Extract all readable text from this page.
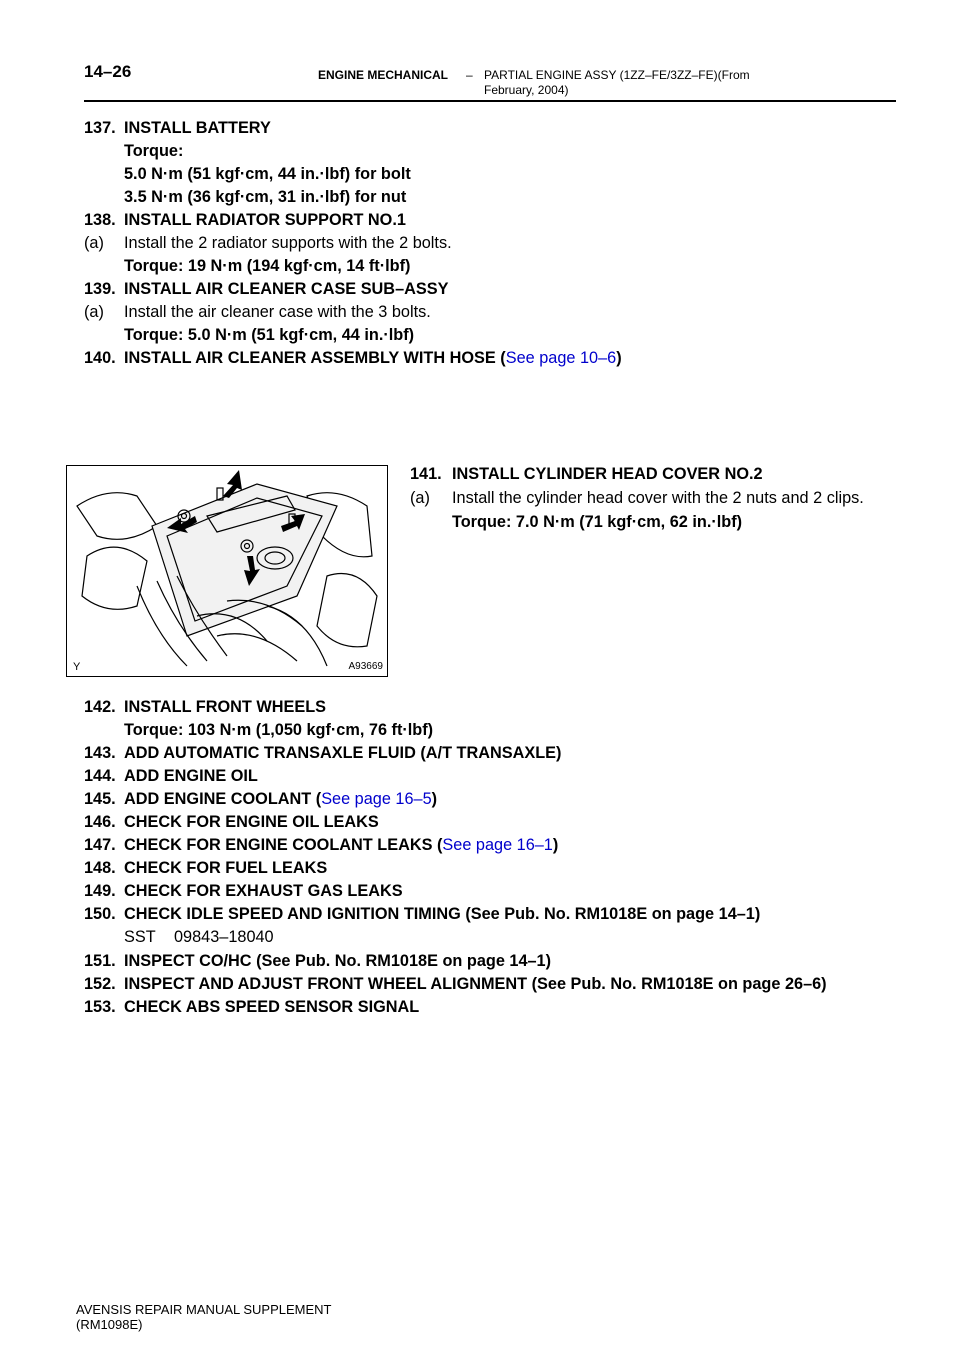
14–26	ENGINE MECHANICAL – PARTIAL ENGINE ASSY (1ZZ–FE/3ZZ–FE)(From
February, 2004)
137. INSTALL BATTERY
Torque:
5.0 N·m (51 kgf·cm, 44 in.·lbf) for bolt
3.5 N·m (36 kgf·cm, 31 in.·lbf) for nut
138. INSTALL RADIATOR SUPPORT NO.1
(a) Install the 2 radiator supports with the 2 bolts.
Torque: 19 N·m (194 kgf·cm, 14 ft·lbf)
139. INSTALL AIR CLEANER CASE SUB–ASSY
(a) Install the air cleaner case with the 3 bolts.
Torque: 5.0 N·m (51 kgf·cm, 44 in.·lbf)
140. INSTALL AIR CLEANER ASSEMBLY WITH HOSE (See page 10–6)
Y	A93669
141. INSTALL CYLINDER HEAD COVER NO.2
(a) Install the cylinder head cover with the 2 nuts and 2 clips.
Torque: 7.0 N·m (71 kgf·cm, 62 in.·lbf)
142. INSTALL FRONT WHEELS
Torque: 103 N·m (1,050 kgf·cm, 76 ft·lbf)
143. ADD AUTOMATIC TRANSAXLE FLUID (A/T TRANSAXLE)
144. ADD ENGINE OIL
145. ADD ENGINE COOLANT (See page 16–5)
146. CHECK FOR ENGINE OIL LEAKS
147. CHECK FOR ENGINE COOLANT LEAKS (See page 16–1)
148. CHECK FOR FUEL LEAKS
149. CHECK FOR EXHAUST GAS LEAKS
150. CHECK IDLE SPEED AND IGNITION TIMING (See Pub. No. RM1018E on page 14–1)
SST 09843–18040
151. INSPECT CO/HC (See Pub. No. RM1018E on page 14–1)
152. INSPECT AND ADJUST FRONT WHEEL ALIGNMENT (See Pub. No. RM1018E on page 26–6)
153. CHECK ABS SPEED SENSOR SIGNAL
AVENSIS REPAIR MANUAL SUPPLEMENT
(RM1098E)
